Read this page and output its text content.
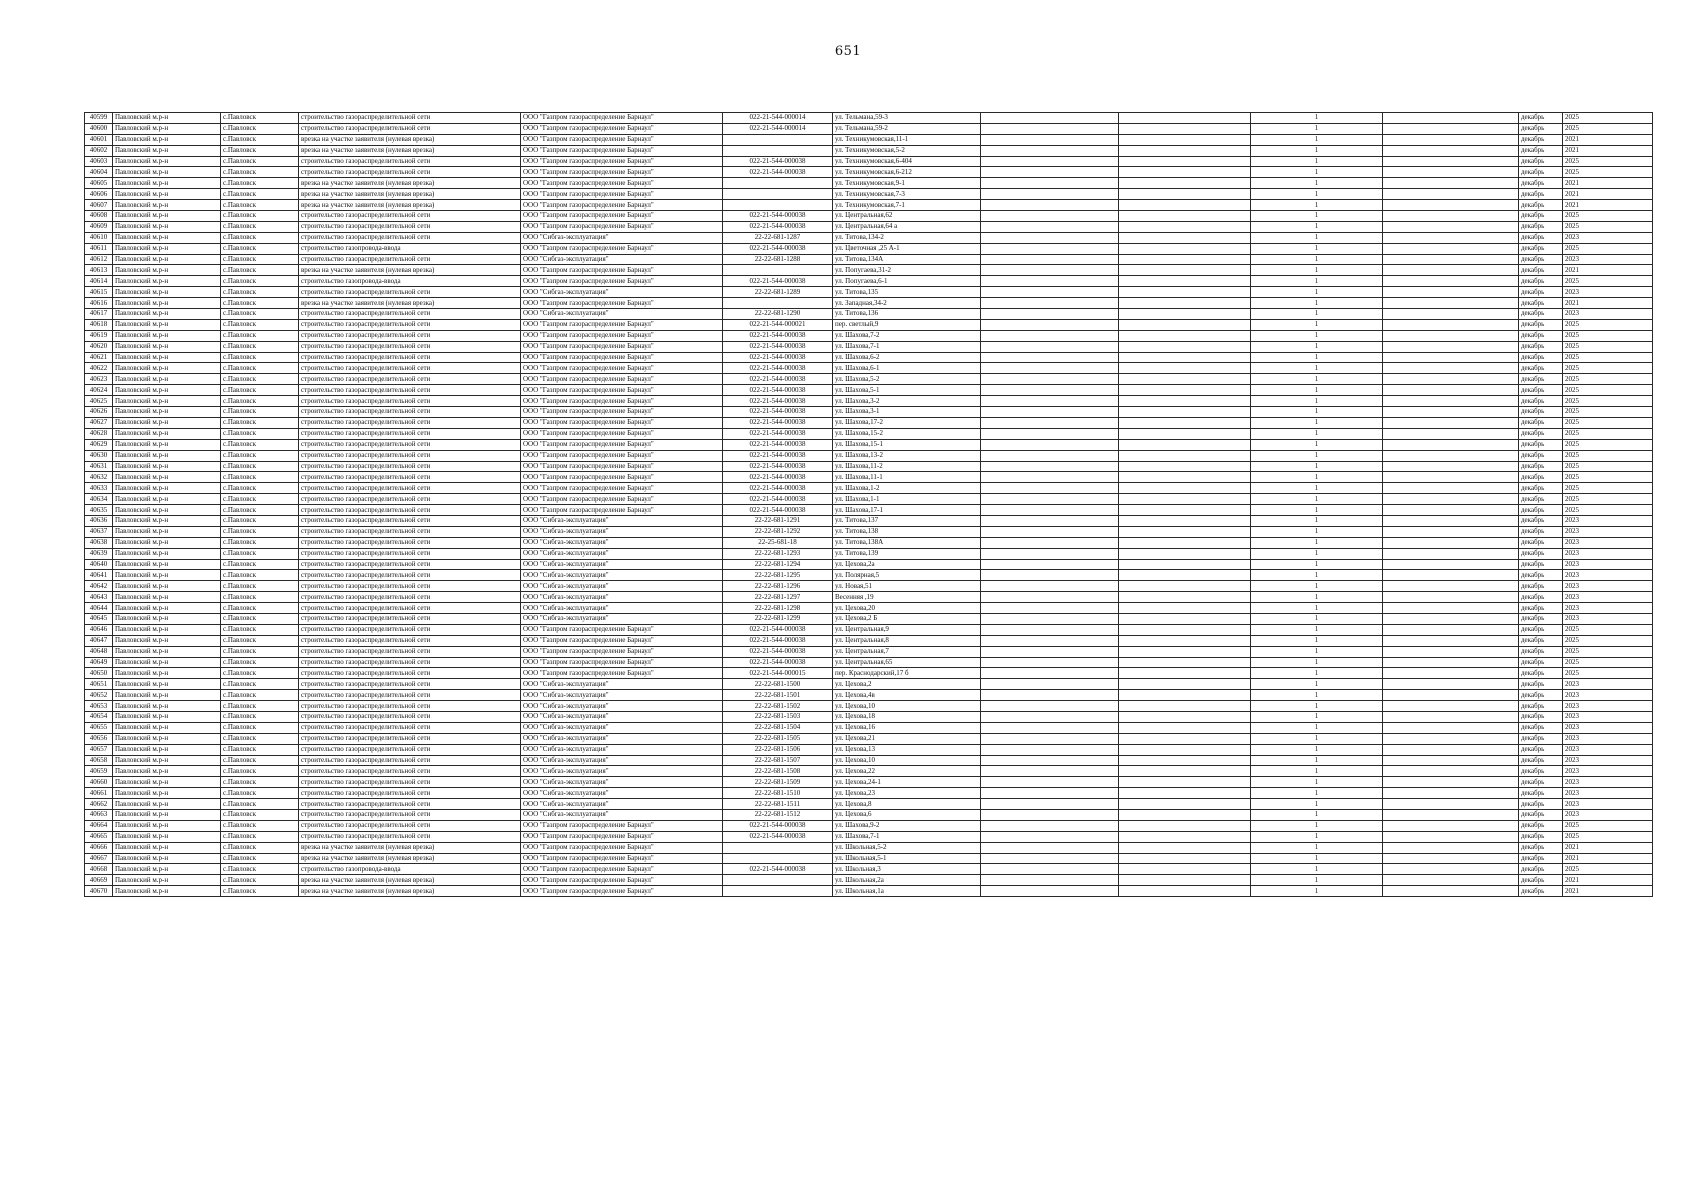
651
40599	Павловский м.р-н	с.Павловск	строительство газораспределительной сети	ООО "Газпром газораспределение Барнаул"	022-21-544-000014	ул. Тельмана,59-3			1		декабрь	2025
40600	Павловский м.р-н	с.Павловск	строительство газораспределительной сети	ООО "Газпром газораспределение Барнаул"	022-21-544-000014	ул. Тельмана,59-2			1		декабрь	2025
40601	Павловский м.р-н	с.Павловск	врезка на участке заявителя (нулевая врезка)	ООО "Газпром газораспределение Барнаул"		ул. Техникумовская,11-1			1		декабрь	2021
40602	Павловский м.р-н	с.Павловск	врезка на участке заявителя (нулевая врезка)	ООО "Газпром газораспределение Барнаул"		ул. Техникумовская,5-2			1		декабрь	2021
40603	Павловский м.р-н	с.Павловск	строительство газораспределительной сети	ООО "Газпром газораспределение Барнаул"	022-21-544-000038	ул. Техникумовская,6-404			1		декабрь	2025
40604	Павловский м.р-н	с.Павловск	строительство газораспределительной сети	ООО "Газпром газораспределение Барнаул"	022-21-544-000038	ул. Техникумовская,6-212			1		декабрь	2025
40605	Павловский м.р-н	с.Павловск	врезка на участке заявителя (нулевая врезка)	ООО "Газпром газораспределение Барнаул"		ул. Техникумовская,9-1			1		декабрь	2021
40606	Павловский м.р-н	с.Павловск	врезка на участке заявителя (нулевая врезка)	ООО "Газпром газораспределение Барнаул"		ул. Техникумовская,7-3			1		декабрь	2021
40607	Павловский м.р-н	с.Павловск	врезка на участке заявителя (нулевая врезка)	ООО "Газпром газораспределение Барнаул"		ул. Техникумовская,7-1			1		декабрь	2021
40608	Павловский м.р-н	с.Павловск	строительство газораспределительной сети	ООО "Газпром газораспределение Барнаул"	022-21-544-000038	ул. Центральная,62			1		декабрь	2025
40609	Павловский м.р-н	с.Павловск	строительство газораспределительной сети	ООО "Газпром газораспределение Барнаул"	022-21-544-000038	ул. Центральная,64 а			1		декабрь	2025
40610	Павловский м.р-н	с.Павловск	строительство газораспределительной сети	ООО "Сибгаз-эксплуатация"	22-22-681-1287	ул. Титова,134-2			1		декабрь	2023
40611	Павловский м.р-н	с.Павловск	строительство газопровода-ввода	ООО "Газпром газораспределение Барнаул"	022-21-544-000038	ул. Цветочная ,25 А-1			1		декабрь	2025
40612	Павловский м.р-н	с.Павловск	строительство газораспределительной сети	ООО "Сибгаз-эксплуатация"	22-22-681-1288	ул. Титова,134А			1		декабрь	2023
40613	Павловский м.р-н	с.Павловск	врезка на участке заявителя (нулевая врезка)	ООО "Газпром газораспределение Барнаул"		ул. Попугаева,31-2			1		декабрь	2021
40614	Павловский м.р-н	с.Павловск	строительство газопровода-ввода	ООО "Газпром газораспределение Барнаул"	022-21-544-000038	ул. Попугаева,6-1			1		декабрь	2025
40615	Павловский м.р-н	с.Павловск	строительство газораспределительной сети	ООО "Сибгаз-эксплуатация"	22-22-681-1289	ул. Титова,135			1		декабрь	2023
40616	Павловский м.р-н	с.Павловск	врезка на участке заявителя (нулевая врезка)	ООО "Газпром газораспределение Барнаул"		ул. Западная,34-2			1		декабрь	2021
40617	Павловский м.р-н	с.Павловск	строительство газораспределительной сети	ООО "Сибгаз-эксплуатация"	22-22-681-1290	ул. Титова,136			1		декабрь	2023
40618	Павловский м.р-н	с.Павловск	строительство газораспределительной сети	ООО "Газпром газораспределение Барнаул"	022-21-544-000021	пер. светлый,9			1		декабрь	2025
40619	Павловский м.р-н	с.Павловск	строительство газораспределительной сети	ООО "Газпром газораспределение Барнаул"	022-21-544-000038	ул. Шахова,7-2			1		декабрь	2025
40620	Павловский м.р-н	с.Павловск	строительство газораспределительной сети	ООО "Газпром газораспределение Барнаул"	022-21-544-000038	ул. Шахова,7-1			1		декабрь	2025
40621	Павловский м.р-н	с.Павловск	строительство газораспределительной сети	ООО "Газпром газораспределение Барнаул"	022-21-544-000038	ул. Шахова,6-2			1		декабрь	2025
40622	Павловский м.р-н	с.Павловск	строительство газораспределительной сети	ООО "Газпром газораспределение Барнаул"	022-21-544-000038	ул. Шахова,6-1			1		декабрь	2025
40623	Павловский м.р-н	с.Павловск	строительство газораспределительной сети	ООО "Газпром газораспределение Барнаул"	022-21-544-000038	ул. Шахова,5-2			1		декабрь	2025
40624	Павловский м.р-н	с.Павловск	строительство газораспределительной сети	ООО "Газпром газораспределение Барнаул"	022-21-544-000038	ул. Шахова,5-1			1		декабрь	2025
40625	Павловский м.р-н	с.Павловск	строительство газораспределительной сети	ООО "Газпром газораспределение Барнаул"	022-21-544-000038	ул. Шахова,3-2			1		декабрь	2025
40626	Павловский м.р-н	с.Павловск	строительство газораспределительной сети	ООО "Газпром газораспределение Барнаул"	022-21-544-000038	ул. Шахова,3-1			1		декабрь	2025
40627	Павловский м.р-н	с.Павловск	строительство газораспределительной сети	ООО "Газпром газораспределение Барнаул"	022-21-544-000038	ул. Шахова,17-2			1		декабрь	2025
40628	Павловский м.р-н	с.Павловск	строительство газораспределительной сети	ООО "Газпром газораспределение Барнаул"	022-21-544-000038	ул. Шахова,15-2			1		декабрь	2025
40629	Павловский м.р-н	с.Павловск	строительство газораспределительной сети	ООО "Газпром газораспределение Барнаул"	022-21-544-000038	ул. Шахова,15-1			1		декабрь	2025
40630	Павловский м.р-н	с.Павловск	строительство газораспределительной сети	ООО "Газпром газораспределение Барнаул"	022-21-544-000038	ул. Шахова,13-2			1		декабрь	2025
40631	Павловский м.р-н	с.Павловск	строительство газораспределительной сети	ООО "Газпром газораспределение Барнаул"	022-21-544-000038	ул. Шахова,11-2			1		декабрь	2025
40632	Павловский м.р-н	с.Павловск	строительство газораспределительной сети	ООО "Газпром газораспределение Барнаул"	022-21-544-000038	ул. Шахова,11-1			1		декабрь	2025
40633	Павловский м.р-н	с.Павловск	строительство газораспределительной сети	ООО "Газпром газораспределение Барнаул"	022-21-544-000038	ул. Шахова,1-2			1		декабрь	2025
40634	Павловский м.р-н	с.Павловск	строительство газораспределительной сети	ООО "Газпром газораспределение Барнаул"	022-21-544-000038	ул. Шахова,1-1			1		декабрь	2025
40635	Павловский м.р-н	с.Павловск	строительство газораспределительной сети	ООО "Газпром газораспределение Барнаул"	022-21-544-000038	ул. Шахова,17-1			1		декабрь	2025
40636	Павловский м.р-н	с.Павловск	строительство газораспределительной сети	ООО "Сибгаз-эксплуатация"	22-22-681-1291	ул. Титова,137			1		декабрь	2023
40637	Павловский м.р-н	с.Павловск	строительство газораспределительной сети	ООО "Сибгаз-эксплуатация"	22-22-681-1292	ул. Титова,138			1		декабрь	2023
40638	Павловский м.р-н	с.Павловск	строительство газораспределительной сети	ООО "Сибгаз-эксплуатация"	22-25-681-18	ул. Титова,138А			1		декабрь	2023
40639	Павловский м.р-н	с.Павловск	строительство газораспределительной сети	ООО "Сибгаз-эксплуатация"	22-22-681-1293	ул. Титова,139			1		декабрь	2023
40640	Павловский м.р-н	с.Павловск	строительство газораспределительной сети	ООО "Сибгаз-эксплуатация"	22-22-681-1294	ул. Цехова,2а			1		декабрь	2023
40641	Павловский м.р-н	с.Павловск	строительство газораспределительной сети	ООО "Сибгаз-эксплуатация"	22-22-681-1295	ул. Полярная,5			1		декабрь	2023
40642	Павловский м.р-н	с.Павловск	строительство газораспределительной сети	ООО "Сибгаз-эксплуатация"	22-22-681-1296	ул. Новая,51			1		декабрь	2023
40643	Павловский м.р-н	с.Павловск	строительство газораспределительной сети	ООО "Сибгаз-эксплуатация"	22-22-681-1297	Весенняя ,19			1		декабрь	2023
40644	Павловский м.р-н	с.Павловск	строительство газораспределительной сети	ООО "Сибгаз-эксплуатация"	22-22-681-1298	ул. Цехова,20			1		декабрь	2023
40645	Павловский м.р-н	с.Павловск	строительство газораспределительной сети	ООО "Сибгаз-эксплуатация"	22-22-681-1299	ул. Цехова,2 Б			1		декабрь	2023
40646	Павловский м.р-н	с.Павловск	строительство газораспределительной сети	ООО "Газпром газораспределение Барнаул"	022-21-544-000038	ул. Центральная,9			1		декабрь	2025
40647	Павловский м.р-н	с.Павловск	строительство газораспределительной сети	ООО "Газпром газораспределение Барнаул"	022-21-544-000038	ул. Центральная,8			1		декабрь	2025
40648	Павловский м.р-н	с.Павловск	строительство газораспределительной сети	ООО "Газпром газораспределение Барнаул"	022-21-544-000038	ул. Центральная,7			1		декабрь	2025
40649	Павловский м.р-н	с.Павловск	строительство газораспределительной сети	ООО "Газпром газораспределение Барнаул"	022-21-544-000038	ул. Центральная,65			1		декабрь	2025
40650	Павловский м.р-н	с.Павловск	строительство газораспределительной сети	ООО "Газпром газораспределение Барнаул"	022-21-544-000015	пер. Краснодарский,17 б			1		декабрь	2025
40651	Павловский м.р-н	с.Павловск	строительство газораспределительной сети	ООО "Сибгаз-эксплуатация"	22-22-681-1500	ул. Цехова,2			1		декабрь	2023
40652	Павловский м.р-н	с.Павловск	строительство газораспределительной сети	ООО "Сибгаз-эксплуатация"	22-22-681-1501	ул. Цехова,4в			1		декабрь	2023
40653	Павловский м.р-н	с.Павловск	строительство газораспределительной сети	ООО "Сибгаз-эксплуатация"	22-22-681-1502	ул. Цехова,10			1		декабрь	2023
40654	Павловский м.р-н	с.Павловск	строительство газораспределительной сети	ООО "Сибгаз-эксплуатация"	22-22-681-1503	ул. Цехова,18			1		декабрь	2023
40655	Павловский м.р-н	с.Павловск	строительство газораспределительной сети	ООО "Сибгаз-эксплуатация"	22-22-681-1504	ул. Цехова,16			1		декабрь	2023
40656	Павловский м.р-н	с.Павловск	строительство газораспределительной сети	ООО "Сибгаз-эксплуатация"	22-22-681-1505	ул. Цехова,21			1		декабрь	2023
40657	Павловский м.р-н	с.Павловск	строительство газораспределительной сети	ООО "Сибгаз-эксплуатация"	22-22-681-1506	ул. Цехова,13			1		декабрь	2023
40658	Павловский м.р-н	с.Павловск	строительство газораспределительной сети	ООО "Сибгаз-эксплуатация"	22-22-681-1507	ул. Цехова,10			1		декабрь	2023
40659	Павловский м.р-н	с.Павловск	строительство газораспределительной сети	ООО "Сибгаз-эксплуатация"	22-22-681-1508	ул. Цехова,22			1		декабрь	2023
40660	Павловский м.р-н	с.Павловск	строительство газораспределительной сети	ООО "Сибгаз-эксплуатация"	22-22-681-1509	ул. Цехова,24-1			1		декабрь	2023
40661	Павловский м.р-н	с.Павловск	строительство газораспределительной сети	ООО "Сибгаз-эксплуатация"	22-22-681-1510	ул. Цехова,23			1		декабрь	2023
40662	Павловский м.р-н	с.Павловск	строительство газораспределительной сети	ООО "Сибгаз-эксплуатация"	22-22-681-1511	ул. Цехова,8			1		декабрь	2023
40663	Павловский м.р-н	с.Павловск	строительство газораспределительной сети	ООО "Сибгаз-эксплуатация"	22-22-681-1512	ул. Цехова,6			1		декабрь	2023
40664	Павловский м.р-н	с.Павловск	строительство газораспределительной сети	ООО "Газпром газораспределение Барнаул"	022-21-544-000038	ул. Шахова,9-2			1		декабрь	2025
40665	Павловский м.р-н	с.Павловск	строительство газораспределительной сети	ООО "Газпром газораспределение Барнаул"	022-21-544-000038	ул. Шахова,7-1			1		декабрь	2025
40666	Павловский м.р-н	с.Павловск	врезка на участке заявителя (нулевая врезка)	ООО "Газпром газораспределение Барнаул"		ул. Школьная,5-2			1		декабрь	2021
40667	Павловский м.р-н	с.Павловск	врезка на участке заявителя (нулевая врезка)	ООО "Газпром газораспределение Барнаул"		ул. Школьная,5-1			1		декабрь	2021
40668	Павловский м.р-н	с.Павловск	строительство газопровода-ввода	ООО "Газпром газораспределение Барнаул"	022-21-544-000038	ул. Школьная,3			1		декабрь	2025
40669	Павловский м.р-н	с.Павловск	врезка на участке заявителя (нулевая врезка)	ООО "Газпром газораспределение Барнаул"		ул. Школьная,2а			1		декабрь	2021
40670	Павловский м.р-н	с.Павловск	врезка на участке заявителя (нулевая врезка)	ООО "Газпром газораспределение Барнаул"		ул. Школьная,1а			1		декабрь	2021
